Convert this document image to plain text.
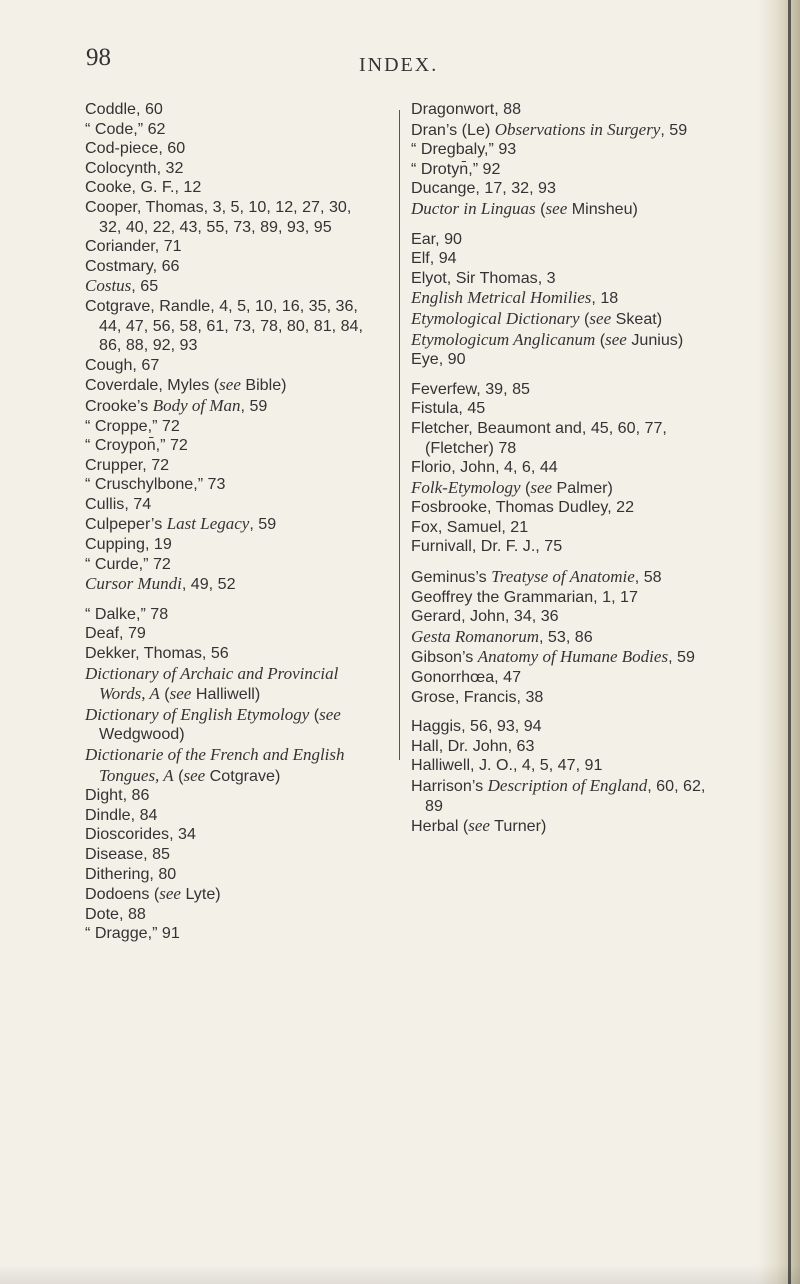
98	INDEX.

Coddle, 60

“ Code,” 62

Cod-piece, 60

Colocynth, 32

Cooke, G. F., 12

Cooper, Thomas, 3, 5, 10, 12, 27, 30, 32, 40, 22, 43, 55, 73, 89, 93, 95

Coriander, 71

Costmary, 66

Costus, 65

Cotgrave, Randle, 4, 5, 10, 16, 35, 36, 44, 47, 56, 58, 61, 73, 78, 80, 81, 84, 86, 88, 92, 93

Cough, 67

Coverdale, Myles (see Bible)

Crooke’s Body of Man, 59

“ Croppe,” 72

“ Croypon̄,” 72

Crupper, 72

“ Cruschylbone,” 73

Cullis, 74

Culpeper’s Last Legacy, 59

Cupping, 19

“ Curde,” 72

Cursor Mundi, 49, 52

“ Dalke,” 78

Deaf, 79

Dekker, Thomas, 56

Dictionary of Archaic and Provincial Words, A (see Halliwell)

Dictionary of English Etymology (see Wedgwood)

Dictionarie of the French and English Tongues, A (see Cotgrave)

Dight, 86

Dindle, 84

Dioscorides, 34

Disease, 85

Dithering, 80

Dodoens (see Lyte)

Dote, 88

“ Dragge,” 91

Dragonwort, 88

Dran’s (Le) Observations in Surgery, 59

“ Dregbaly,” 93

“ Drotyn̄,” 92

Ducange, 17, 32, 93

Ductor in Linguas (see Minsheu)

Ear, 90

Elf, 94

Elyot, Sir Thomas, 3

English Metrical Homilies, 18

Etymological Dictionary (see Skeat)

Etymologicum Anglicanum (see Junius)

Eye, 90

Feverfew, 39, 85

Fistula, 45

Fletcher, Beaumont and, 45, 60, 77, (Fletcher) 78

Florio, John, 4, 6, 44

Folk-Etymology (see Palmer)

Fosbrooke, Thomas Dudley, 22

Fox, Samuel, 21

Furnivall, Dr. F. J., 75

Geminus’s Treatyse of Anatomie, 58

Geoffrey the Grammarian, 1, 17

Gerard, John, 34, 36

Gesta Romanorum, 53, 86

Gibson’s Anatomy of Humane Bodies, 59

Gonorrhœa, 47

Grose, Francis, 38

Haggis, 56, 93, 94

Hall, Dr. John, 63

Halliwell, J. O., 4, 5, 47, 91

Harrison’s Description of England, 60, 62, 89

Herbal (see Turner)
